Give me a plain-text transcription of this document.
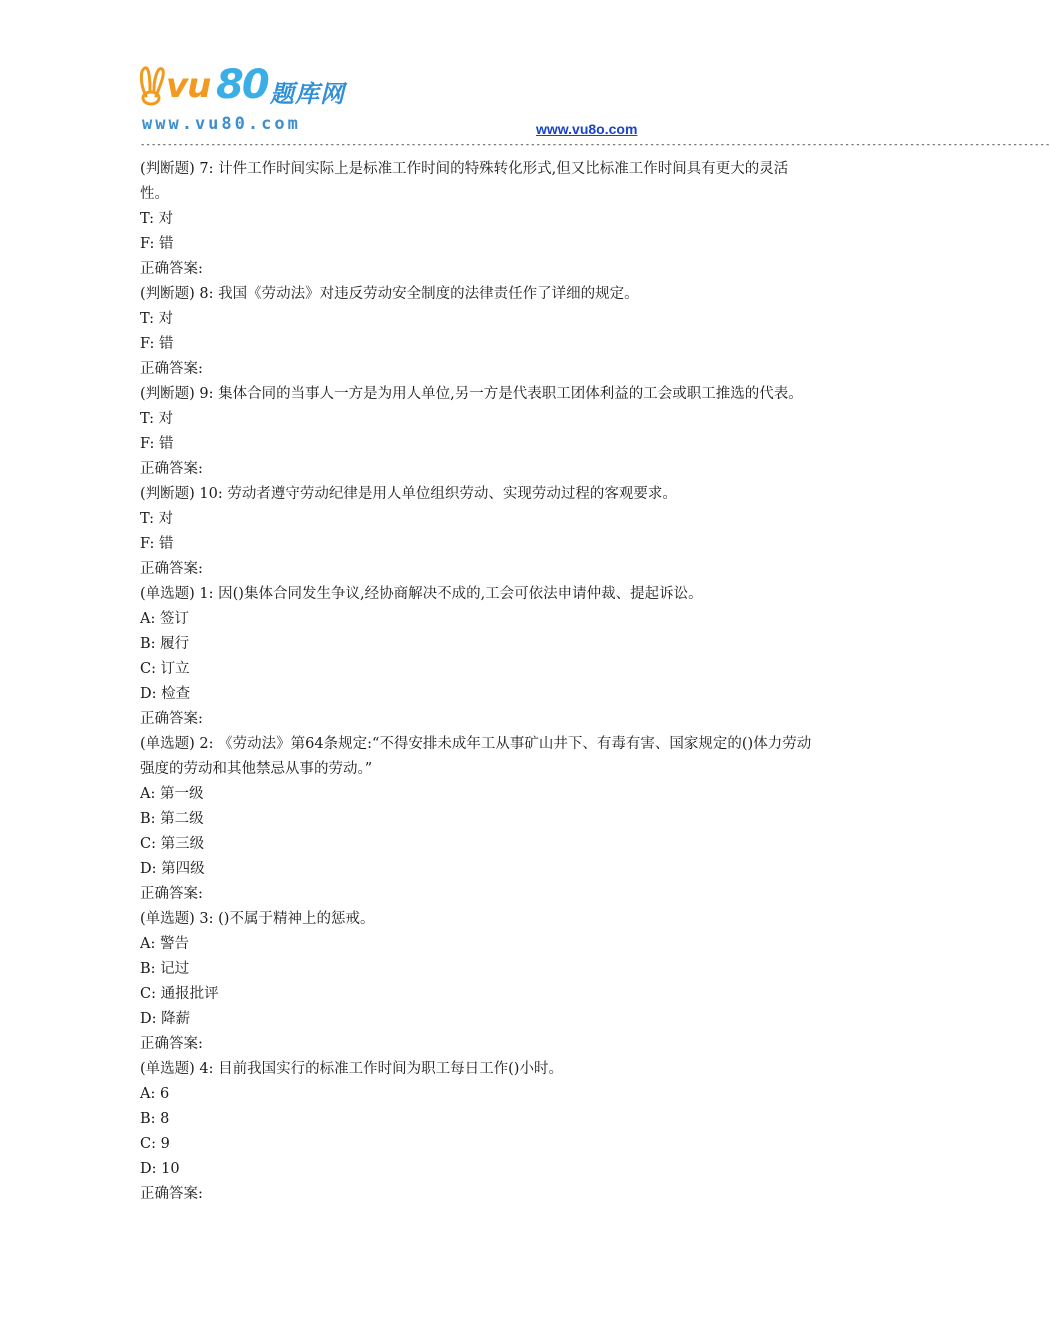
vu 80 题库网
www.vu80.com	www.vu8o.com
------------------------------------------------------------------------------------------------------------------------------------------------------------------------

(判断题) 7: 计件工作时间实际上是标准工作时间的特殊转化形式,但又比标准工作时间具有更大的灵活性。

T: 对
F: 错
正确答案:

(判断题) 8: 我国《劳动法》对违反劳动安全制度的法律责任作了详细的规定。

T: 对
F: 错
正确答案:

(判断题) 9: 集体合同的当事人一方是为用人单位,另一方是代表职工团体利益的工会或职工推选的代表。

T: 对
F: 错
正确答案:

(判断题) 10: 劳动者遵守劳动纪律是用人单位组织劳动、实现劳动过程的客观要求。

T: 对
F: 错
正确答案:

(单选题) 1: 因()集体合同发生争议,经协商解决不成的,工会可依法申请仲裁、提起诉讼。

A: 签订
B: 履行
C: 订立
D: 检查
正确答案:

(单选题) 2: 《劳动法》第64条规定:“不得安排未成年工从事矿山井下、有毒有害、国家规定的()体力劳动强度的劳动和其他禁忌从事的劳动。”

A: 第一级
B: 第二级
C: 第三级
D: 第四级
正确答案:

(单选题) 3: ()不属于精神上的惩戒。

A: 警告
B: 记过
C: 通报批评
D: 降薪
正确答案:

(单选题) 4: 目前我国实行的标准工作时间为职工每日工作()小时。

A: 6
B: 8
C: 9
D: 10
正确答案:
